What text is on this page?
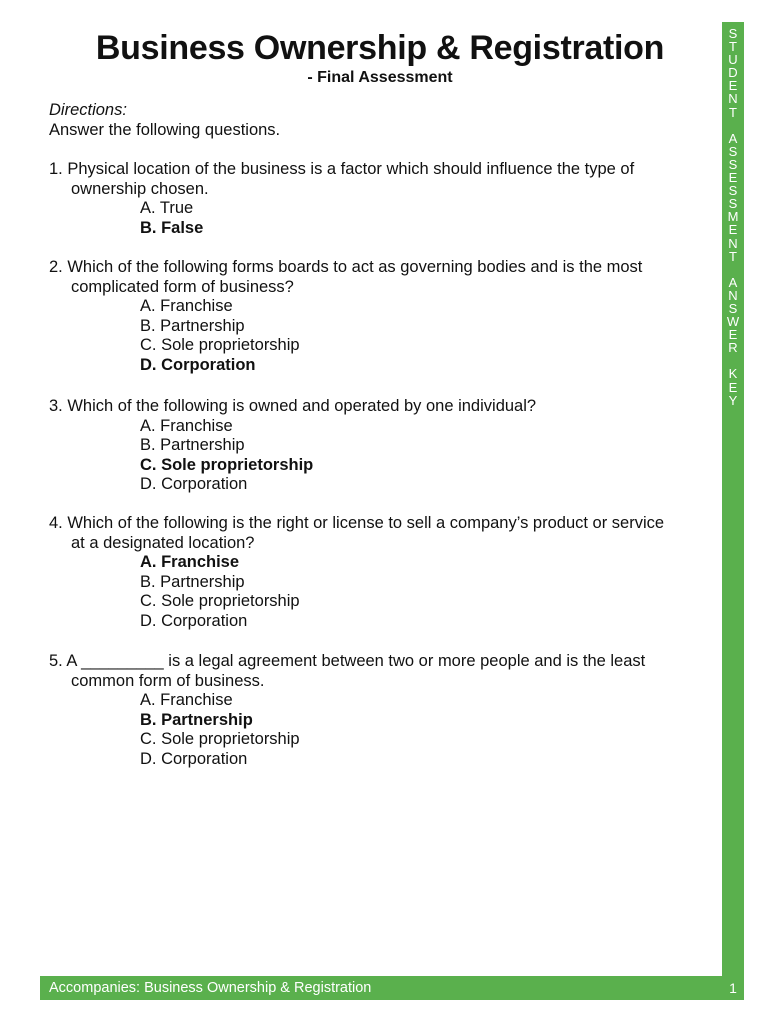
Business Ownership & Registration
- Final Assessment
Directions:
Answer the following questions.
1. Physical location of the business is a factor which should influence the type of
ownership chosen.
A. True
B. False
2. Which of the following forms boards to act as governing bodies and is the most
complicated form of business?
A. Franchise
B. Partnership
C. Sole proprietorship
D. Corporation
3. Which of the following is owned and operated by one individual?
A. Franchise
B. Partnership
C. Sole proprietorship
D. Corporation
4. Which of the following is the right or license to sell a company’s product or service
at a designated location?
A. Franchise
B. Partnership
C. Sole proprietorship
D. Corporation
5. A _________ is a legal agreement between two or more people and is the least
common form of business.
A. Franchise
B. Partnership
C. Sole proprietorship
D. Corporation
S
T
U
D
E
N
T

A
S
S
E
S
S
M
E
N
T

A
N
S
W
E
R

K
E
Y
Accompanies: Business Ownership & Registration	1
